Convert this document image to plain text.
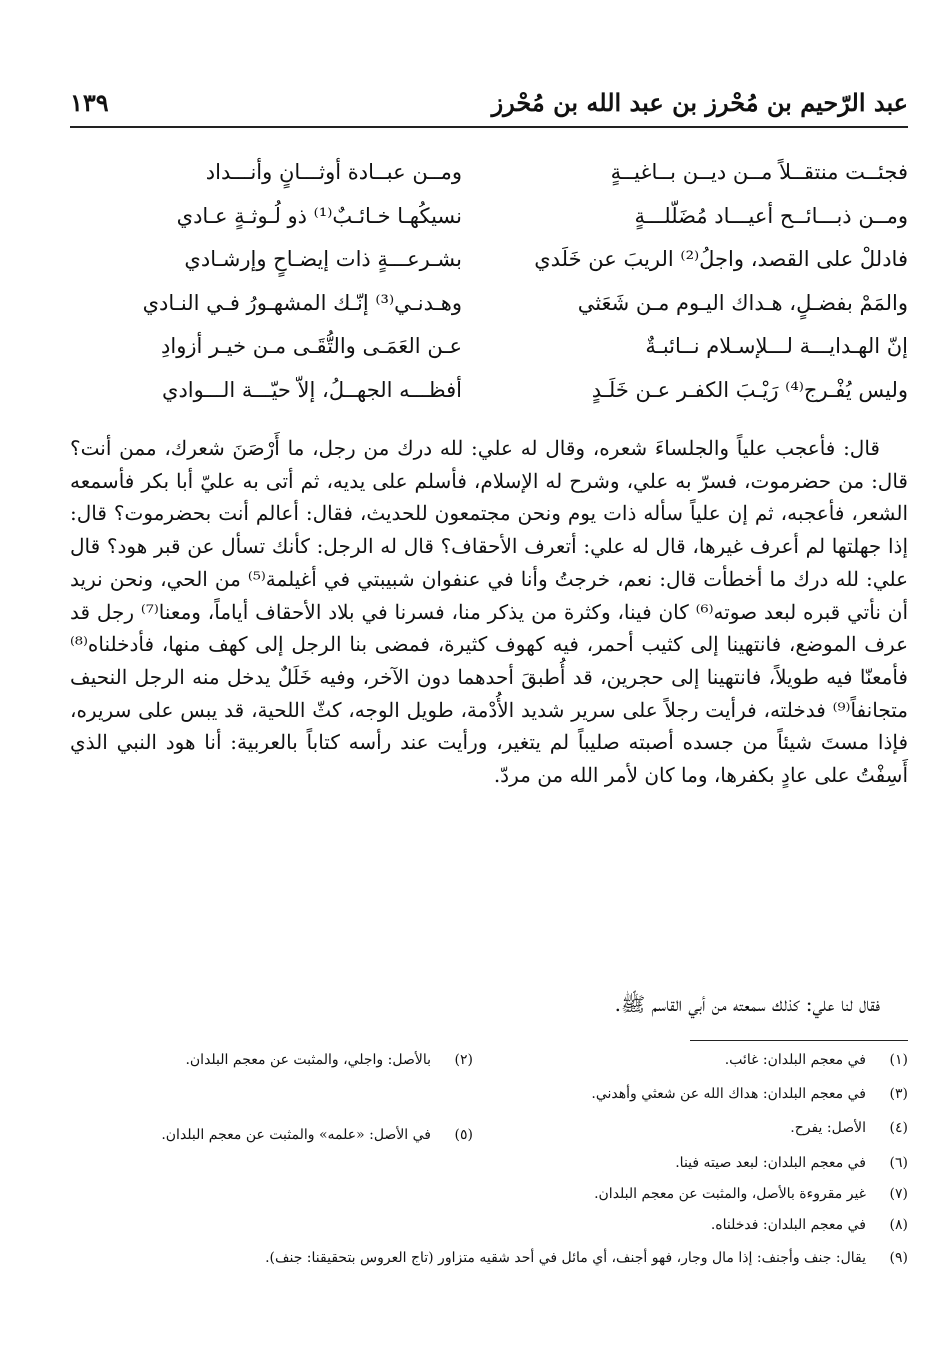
عبد الرّحيم بن مُحْرز بن عبد الله بن مُحْرز
١٣٩
فجئــت منتقــلاً مــن ديــن بــاغيــةٍ
ومــن عبــادة أوثـــانٍ وأنـــداد
ومــن ذبـــائــح أعيـــاد مُضَلّلـــةٍ
نسيكُهـا خـائـبٌ⁽¹⁾ ذو لُـوثـةٍ عـادي
فادللْ على القصد، واجلُ⁽²⁾ الريبَ عن خَلَدي
بشـرعـــةٍ ذات إيضـاحٍ وإرشـادي
والمَمْ بفضـلٍ، هـداك اليـوم مـن شَعَثي
وهـدنـي⁽³⁾ إنّـك المشهـورُ فـي النـادي
إنّ الهـدايـــة لـــلإسـلام نــائبـةٌ
عـن العَمَـى والتُّقَـى مـن خيـر أزوادِ
وليس يُفْـرج⁽⁴⁾ رَيْـبَ الكفـر عـن خَلَـدٍ
أفظـــه الجهــلُ، إلاّ حيّـــة الـــوادي

قال: فأعجب علياً والجلساءَ شعره، وقال له علي: لله درك من رجل، ما أَرْصَنَ شعرك، ممن أنت؟ قال: من حضرموت، فسرّ به علي، وشرح له الإسلام، فأسلم على يديه، ثم أتى به عليّ أبا بكر فأسمعه الشعر، فأعجبه، ثم إن علياً سأله ذات يوم ونحن مجتمعون للحديث، فقال: أعالم أنت بحضرموت؟ قال: إذا جهلتها لم أعرف غيرها، قال له علي: أتعرف الأحقاف؟ قال له الرجل: كأنك تسأل عن قبر هود؟ قال علي: لله درك ما أخطأت قال: نعم، خرجتُ وأنا في عنفوان شبيبتي في أغيلمة⁽⁵⁾ من الحي، ونحن نريد أن نأتي قبره لبعد صوته⁽⁶⁾ كان فينا، وكثرة من يذكر منا، فسرنا في بلاد الأحقاف أياماً، ومعنا⁽⁷⁾ رجل قد عرف الموضع، فانتهينا إلى كثيب أحمر، فيه كهوف كثيرة، فمضى بنا الرجل إلى كهف منها، فأدخلناه⁽⁸⁾ فأمعنّا فيه طويلاً، فانتهينا إلى حجرين، قد أُطبقَ أحدهما دون الآخر، وفيه خَلَلٌ يدخل منه الرجل النحيف متجانفاً⁽⁹⁾ فدخلته، فرأيت رجلاً على سرير شديد الأُدْمة، طويل الوجه، كثّ اللحية، قد يبس على سريره، فإذا مستَ شيئاً من جسده أصبته صليباً لم يتغير، ورأيت عند رأسه كتاباً بالعربية: أنا هود النبي الذي أَسِفْتُ على عادٍ بكفرها، وما كان لأمر الله من مردّ.

فقال لنا علي: كذلك سمعته من أبي القاسم ﷺ.
(١)في معجم البلدان: غائب.
(٢)بالأصل: واجلي، والمثبت عن معجم البلدان.
(٣)في معجم البلدان: هداك الله عن شعثي وأهدني.
(٤)الأصل: يفرح.
(٥)في الأصل: «علمه» والمثبت عن معجم البلدان.
(٦)في معجم البلدان: لبعد صيته فينا.
(٧)غير مقروءة بالأصل، والمثبت عن معجم البلدان.
(٨)في معجم البلدان: فدخلناه.
(٩)يقال: جنف وأجنف: إذا مال وجار، فهو أجنف، أي مائل في أحد شقيه متزاور (تاج العروس بتحقيقنا: جنف).
